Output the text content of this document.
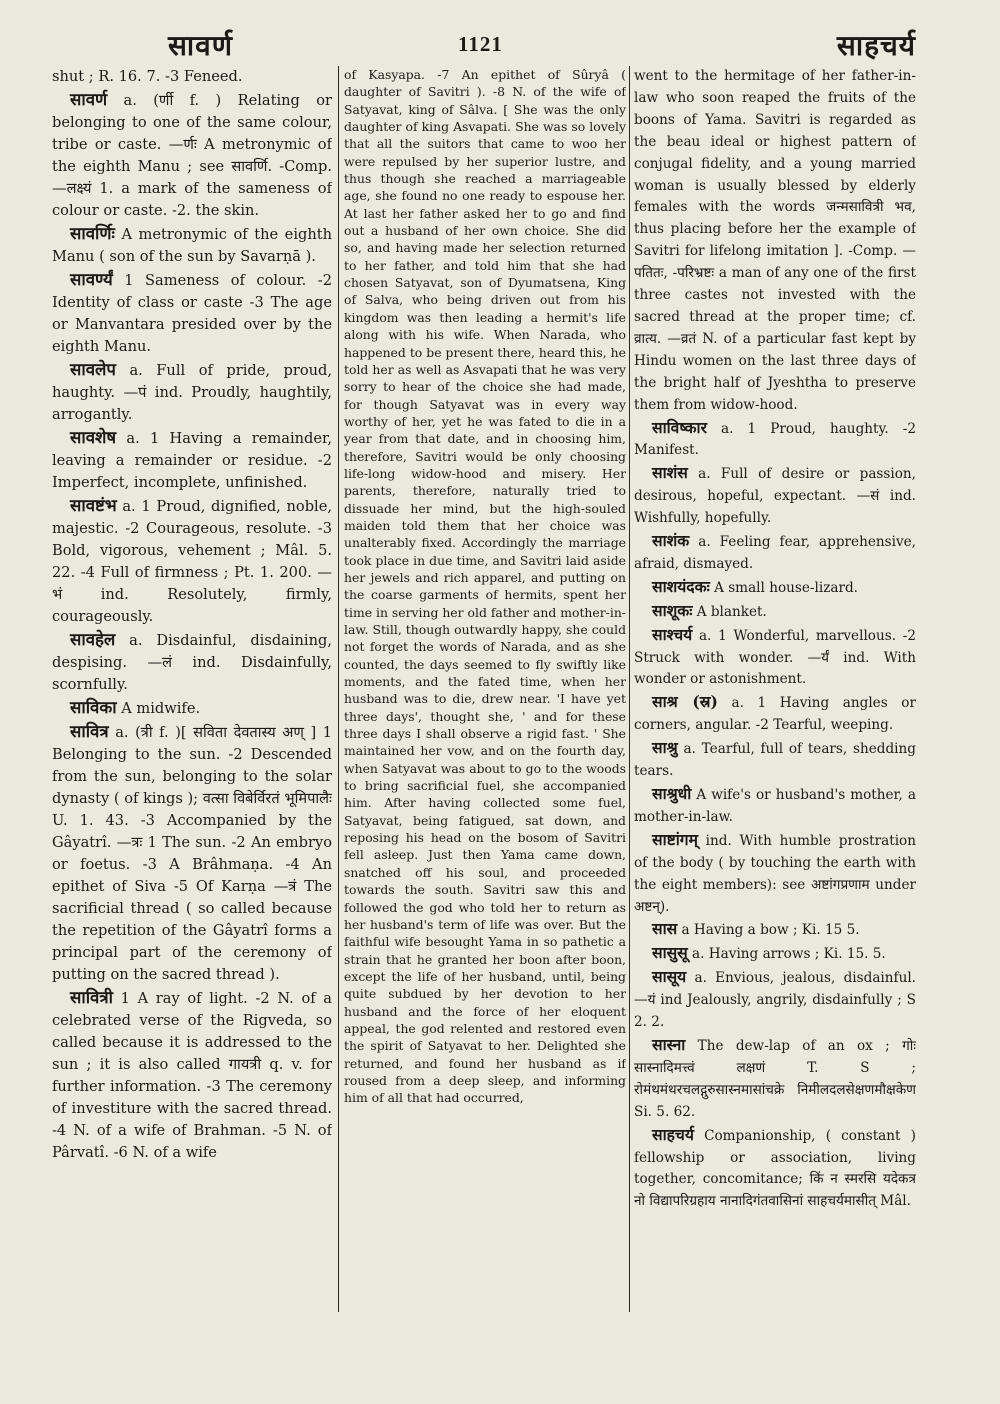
सावर्ण	1121	साहचर्य

shut ; R. 16. 7. -3 Feneed.

सावर्ण a. (र्णी f. ) Relating or belonging to one of the same colour, tribe or caste. —र्णः A metronymic of the eighth Manu ; see सावर्णि. -Comp. —लक्ष्यं 1. a mark of the sameness of colour or caste. -2. the skin.

सावर्णिः A metronymic of the eighth Manu ( son of the sun by Savarṇā ).

सावर्ण्यं 1 Sameness of colour. -2 Identity of class or caste -3 The age or Manvantara presided over by the eighth Manu.

सावलेप a. Full of pride, proud, haughty. —पं ind. Proudly, haughtily, arrogantly.

सावशेष a. 1 Having a remainder, leaving a remainder or residue. -2 Imperfect, incomplete, unfinished.

सावष्टंभ a. 1 Proud, dignified, noble, majestic. -2 Courageous, resolute. -3 Bold, vigorous, vehement ; Mâl. 5. 22. -4 Full of firmness ; Pt. 1. 200. —भं ind. Resolutely, firmly, courageously.

सावहेल a. Disdainful, disdaining, despising. —लं ind. Disdainfully, scornfully.

साविका A midwife.

सावित्र a. (त्री f. )[ सविता देवतास्य अण् ] 1 Belonging to the sun. -2 Descended from the sun, belonging to the solar dynasty ( of kings ); वत्सा विबेर्विरतं भूमिपालैः U. 1. 43. -3 Accompanied by the Gâyatrî. —त्रः 1 The sun. -2 An embryo or foetus. -3 A Brâhmaṇa. -4 An epithet of Siva -5 Of Karṇa —त्रं The sacrificial thread ( so called because the repetition of the Gâyatrî forms a principal part of the ceremony of putting on the sacred thread ).

सावित्री 1 A ray of light. -2 N. of a celebrated verse of the Rigveda, so called because it is addressed to the sun ; it is also called गायत्री q. v. for further information. -3 The ceremony of investiture with the sacred thread. -4 N. of a wife of Brahman. -5 N. of Pârvatî. -6 N. of a wife

of Kasyapa. -7 An epithet of Sûryâ ( daughter of Savitri ). -8 N. of the wife of Satyavat, king of Sâlva. [ She was the only daughter of king Asvapati. She was so lovely that all the suitors that came to woo her were repulsed by her superior lustre, and thus though she reached a marriageable age, she found no one ready to espouse her. At last her father asked her to go and find out a husband of her own choice. She did so, and having made her selection returned to her father, and told him that she had chosen Satyavat, son of Dyumatsena, King of Salva, who being driven out from his kingdom was then leading a hermit's life along with his wife. When Narada, who happened to be present there, heard this, he told her as well as Asvapati that he was very sorry to hear of the choice she had made, for though Satyavat was in every way worthy of her, yet he was fated to die in a year from that date, and in choosing him, therefore, Savitri would be only choosing life-long widow-hood and misery. Her parents, therefore, naturally tried to dissuade her mind, but the high-souled maiden told them that her choice was unalterably fixed. Accordingly the marriage took place in due time, and Savitri laid aside her jewels and rich apparel, and putting on the coarse garments of hermits, spent her time in serving her old father and mother-in-law. Still, though outwardly happy, she could not forget the words of Narada, and as she counted, the days seemed to fly swiftly like moments, and the fated time, when her husband was to die, drew near. 'I have yet three days', thought she, ' and for these three days I shall observe a rigid fast. ' She maintained her vow, and on the fourth day, when Satyavat was about to go to the woods to bring sacrificial fuel, she accompanied him. After having collected some fuel, Satyavat, being fatigued, sat down, and reposing his head on the bosom of Savitri fell asleep. Just then Yama came down, snatched off his soul, and proceeded towards the south. Savitri saw this and followed the god who told her to return as her husband's term of life was over. But the faithful wife besought Yama in so pathetic a strain that he granted her boon after boon, except the life of her husband, until, being quite subdued by her devotion to her husband and the force of her eloquent appeal, the god relented and restored even the spirit of Satyavat to her. Delighted she returned, and found her husband as if roused from a deep sleep, and informing him of all that had occurred,

went to the hermitage of her father-in-law who soon reaped the fruits of the boons of Yama. Savitri is regarded as the beau ideal or highest pattern of conjugal fidelity, and a young married woman is usually blessed by elderly females with the words जन्मसावित्री भव, thus placing before her the example of Savitri for lifelong imitation ]. -Comp. —पतितः, -परिभ्रष्टः a man of any one of the first three castes not invested with the sacred thread at the proper time; cf. व्रात्य. —व्रतं N. of a particular fast kept by Hindu women on the last three days of the bright half of Jyeshtha to preserve them from widow-hood.

साविष्कार a. 1 Proud, haughty. -2 Manifest.

साशंस a. Full of desire or passion, desirous, hopeful, expectant. —सं ind. Wishfully, hopefully.

साशंक a. Feeling fear, apprehensive, afraid, dismayed.

साशयंदकः A small house-lizard.

साशूकः A blanket.

साश्चर्य a. 1 Wonderful, marvellous. -2 Struck with wonder. —र्यं ind. With wonder or astonishment.

साश्र (स्र) a. 1 Having angles or corners, angular. -2 Tearful, weeping.

साश्रु a. Tearful, full of tears, shedding tears.

साश्रुधी A wife's or husband's mother, a mother-in-law.

साष्टांगम् ind. With humble prostration of the body ( by touching the earth with the eight members): see अष्टांगप्रणाम under अष्टन्).

सास a Having a bow ; Ki. 15 5.

सासुसू a. Having arrows ; Ki. 15. 5.

सासूय a. Envious, jealous, disdainful. —यं ind Jealously, angrily, disdainfully ; S 2. 2.

सास्ना The dew-lap of an ox ; गोः सास्नादिमत्त्वं लक्षणं T. S ; रोमंथमंथरचलद्गुरुसास्नमासांचक्रे निमीलदलसेक्षणमौक्षकेण Si. 5. 62.

साहचर्य Companionship, ( constant ) fellowship or association, living together, concomitance; किं न स्मरसि यदेकत्र नो विद्यापरिग्रहाय नानादिगंतवासिनां साहचर्यमासीत् Mâl.
